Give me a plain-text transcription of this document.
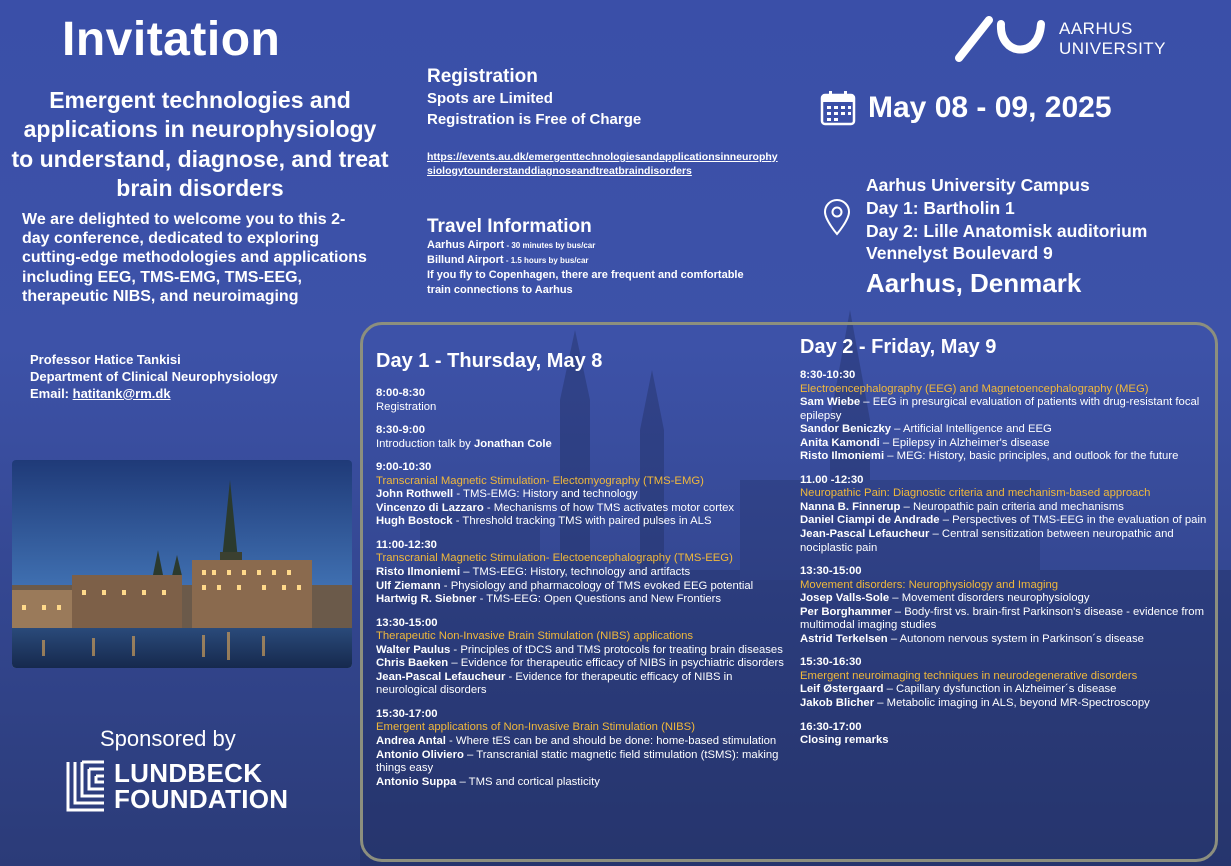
Invitation
Emergent technologies and applications in neurophysiology to understand, diagnose, and treat brain disorders
We are delighted to welcome you to this 2-day conference, dedicated to exploring cutting-edge methodologies and applications including EEG, TMS-EMG, TMS-EEG, therapeutic NIBS, and neuroimaging
Professor Hatice Tankisi
Department of Clinical Neurophysiology
Email: hatitank@rm.dk
Sponsored by
LUNDBECK
FOUNDATION
Registration
Spots are Limited
Registration is Free of Charge
https://events.au.dk/emergenttechnologiesandapplicationsinneurophysiologytounderstanddiagnoseandtreatbraindisorders
Travel Information
Aarhus Airport - 30 minutes by bus/car
Billund Airport - 1.5 hours by bus/car
If you fly to Copenhagen, there are frequent and comfortable train connections to Aarhus
AARHUS
UNIVERSITY
May 08 - 09, 2025
Aarhus University Campus
Day 1: Bartholin 1
Day 2: Lille Anatomisk auditorium
Vennelyst Boulevard 9
Aarhus, Denmark
Day 1 - Thursday, May 8
8:00-8:30
Registration
8:30-9:00
Introduction talk by Jonathan Cole
9:00-10:30
Transcranial Magnetic Stimulation- Electomyography (TMS-EMG)
John Rothwell - TMS-EMG: History and technology
Vincenzo di Lazzaro - Mechanisms of how TMS activates motor cortex
Hugh Bostock - Threshold tracking TMS with paired pulses in ALS
11:00-12:30
Transcranial Magnetic Stimulation- Electoencephalography (TMS-EEG)
Risto Ilmoniemi – TMS-EEG: History, technology and artifacts
Ulf Ziemann - Physiology and pharmacology of TMS evoked EEG potential
Hartwig R. Siebner - TMS-EEG: Open Questions and New Frontiers
13:30-15:00
Therapeutic Non-Invasive Brain Stimulation (NIBS) applications
Walter Paulus - Principles of tDCS and TMS protocols for treating brain diseases
Chris Baeken – Evidence for therapeutic efficacy of NIBS in psychiatric disorders
Jean-Pascal Lefaucheur - Evidence for therapeutic efficacy of NIBS in neurological disorders
15:30-17:00
Emergent applications of Non-Invasive Brain Stimulation (NIBS)
Andrea Antal - Where tES can be and should be done: home-based stimulation
Antonio Oliviero – Transcranial static magnetic field stimulation (tSMS): making things easy
Antonio Suppa – TMS and cortical plasticity
Day 2 - Friday, May 9
8:30-10:30
Electroencephalography (EEG) and Magnetoencephalography (MEG)
Sam Wiebe – EEG in presurgical evaluation of patients with drug-resistant focal epilepsy
Sandor Beniczky – Artificial Intelligence and EEG
Anita Kamondi – Epilepsy in Alzheimer's disease
Risto Ilmoniemi – MEG: History, basic principles, and outlook for the future
11.00 -12:30
Neuropathic Pain: Diagnostic criteria and mechanism-based approach
Nanna B. Finnerup – Neuropathic pain criteria and mechanisms
Daniel Ciampi de Andrade – Perspectives of TMS-EEG in the evaluation of pain
Jean-Pascal Lefaucheur – Central sensitization between neuropathic and nociplastic pain
13:30-15:00
Movement disorders: Neurophysiology and Imaging
Josep Valls-Sole – Movement disorders neurophysiology
Per Borghammer – Body-first vs. brain-first Parkinson's disease - evidence from multimodal imaging studies
Astrid Terkelsen – Autonom nervous system in Parkinson´s disease
15:30-16:30
Emergent neuroimaging techniques in neurodegenerative disorders
Leif Østergaard – Capillary dysfunction in Alzheimer´s disease
Jakob Blicher – Metabolic imaging in ALS, beyond MR-Spectroscopy
16:30-17:00
Closing remarks
